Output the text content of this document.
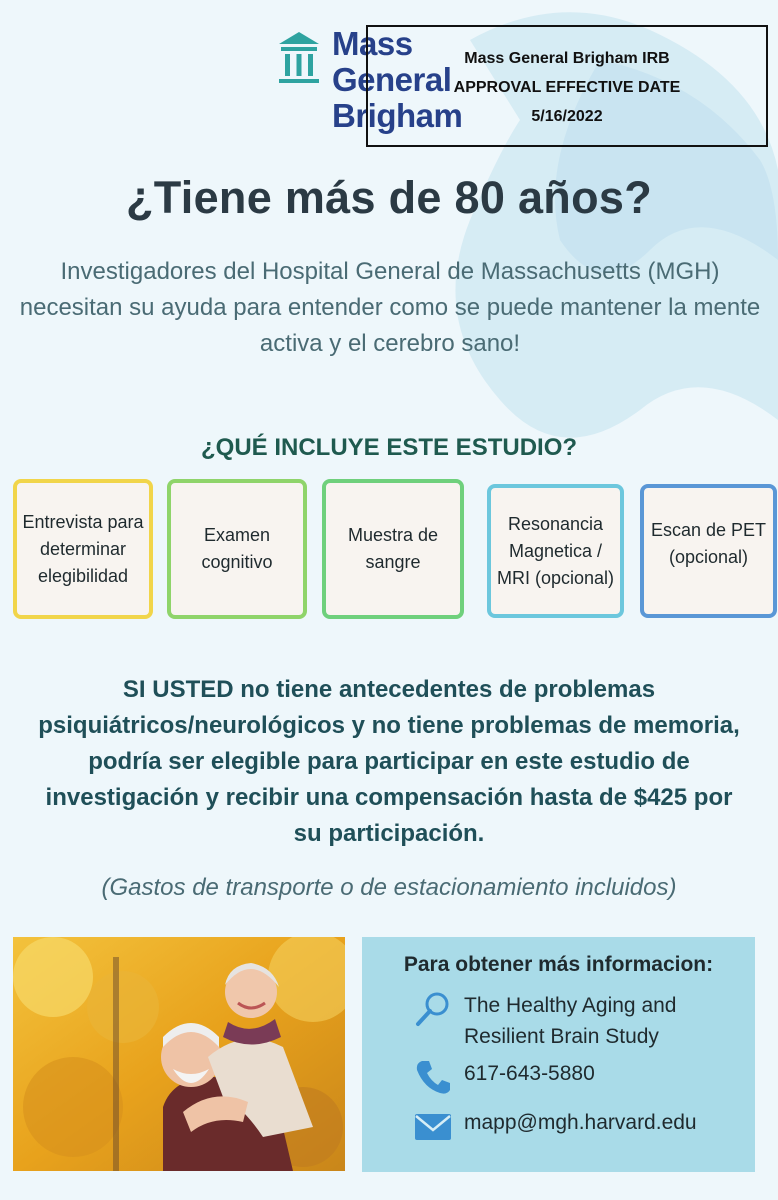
Mass
General
Brigham
Mass General Brigham IRB
APPROVAL EFFECTIVE DATE
5/16/2022
¿Tiene más de 80 años?
Investigadores del Hospital General de Massachusetts (MGH) necesitan su ayuda para entender como se puede mantener la mente activa y el cerebro sano!
¿QUÉ INCLUYE ESTE ESTUDIO?
Entrevista para determinar elegibilidad
Examen cognitivo
Muestra de sangre
Resonancia Magnetica / MRI (opcional)
Escan de PET (opcional)
SI USTED no tiene antecedentes de problemas psiquiátricos/neurológicos y no tiene problemas de memoria, podría ser elegible para participar en este estudio de investigación y recibir una compensación hasta de $425 por su participación.
(Gastos de transporte o de estacionamiento incluidos)
Para obtener más informacion:
The Healthy Aging and Resilient Brain Study
617-643-5880
mapp@mgh.harvard.edu
